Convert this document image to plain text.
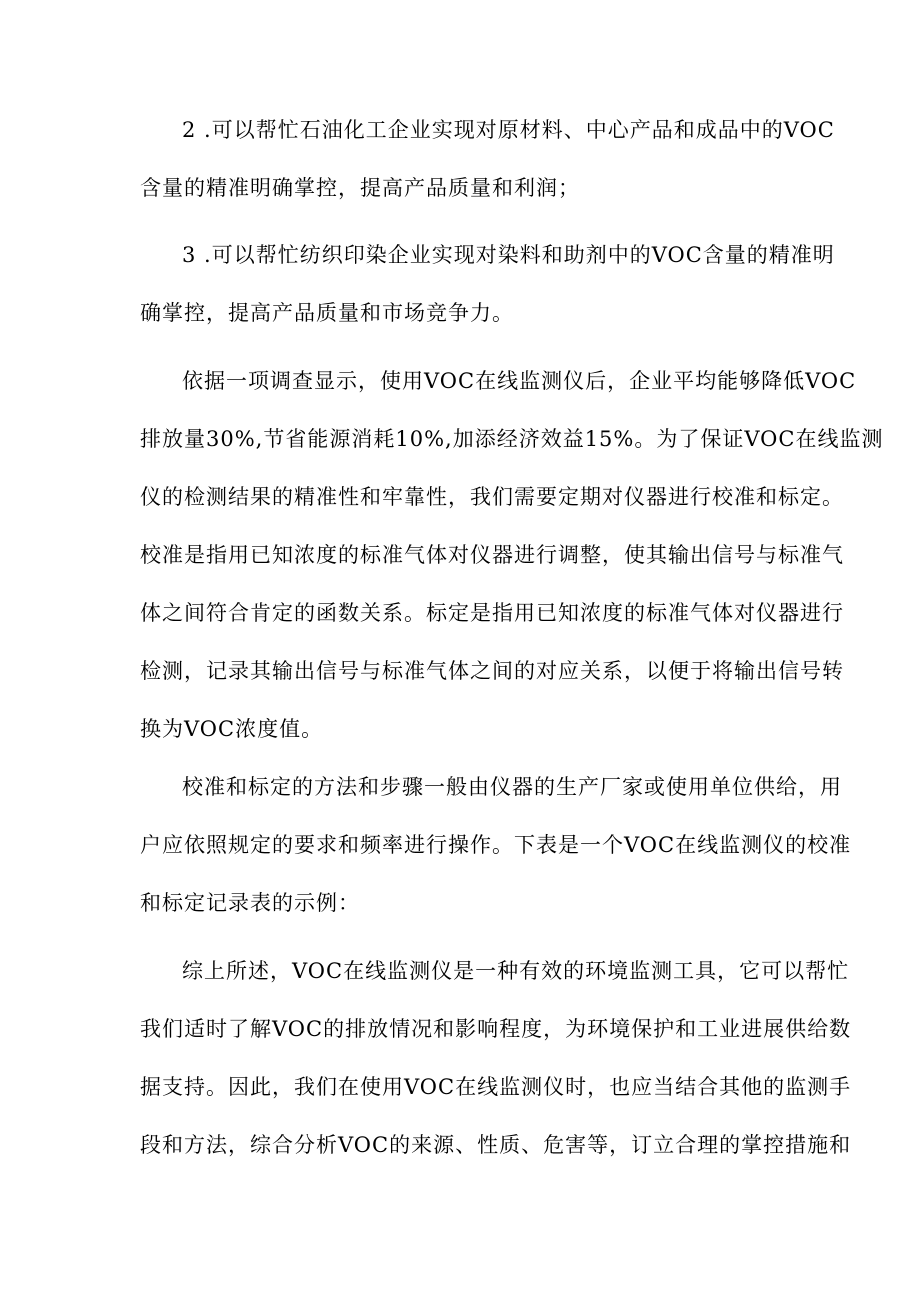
2 .可以帮忙石油化工企业实现对原材料、中心产品和成品中的VOC
含量的精准明确掌控，提高产品质量和利润；
3 .可以帮忙纺织印染企业实现对染料和助剂中的VOC含量的精准明
确掌控，提高产品质量和市场竞争力。
依据一项调查显示，使用VOC在线监测仪后，企业平均能够降低VOC
排放量30%,节省能源消耗10%,加添经济效益15%。为了保证VOC在线监测
仪的检测结果的精准性和牢靠性，我们需要定期对仪器进行校准和标定。
校准是指用已知浓度的标准气体对仪器进行调整，使其输出信号与标准气
体之间符合肯定的函数关系。标定是指用已知浓度的标准气体对仪器进行
检测，记录其输出信号与标准气体之间的对应关系，以便于将输出信号转
换为VOC浓度值。
校准和标定的方法和步骤一般由仪器的生产厂家或使用单位供给，用
户应依照规定的要求和频率进行操作。下表是一个VOC在线监测仪的校准
和标定记录表的示例：
综上所述，VOC在线监测仪是一种有效的环境监测工具，它可以帮忙
我们适时了解VOC的排放情况和影响程度，为环境保护和工业进展供给数
据支持。因此，我们在使用VOC在线监测仪时，也应当结合其他的监测手
段和方法，综合分析VOC的来源、性质、危害等，订立合理的掌控措施和
